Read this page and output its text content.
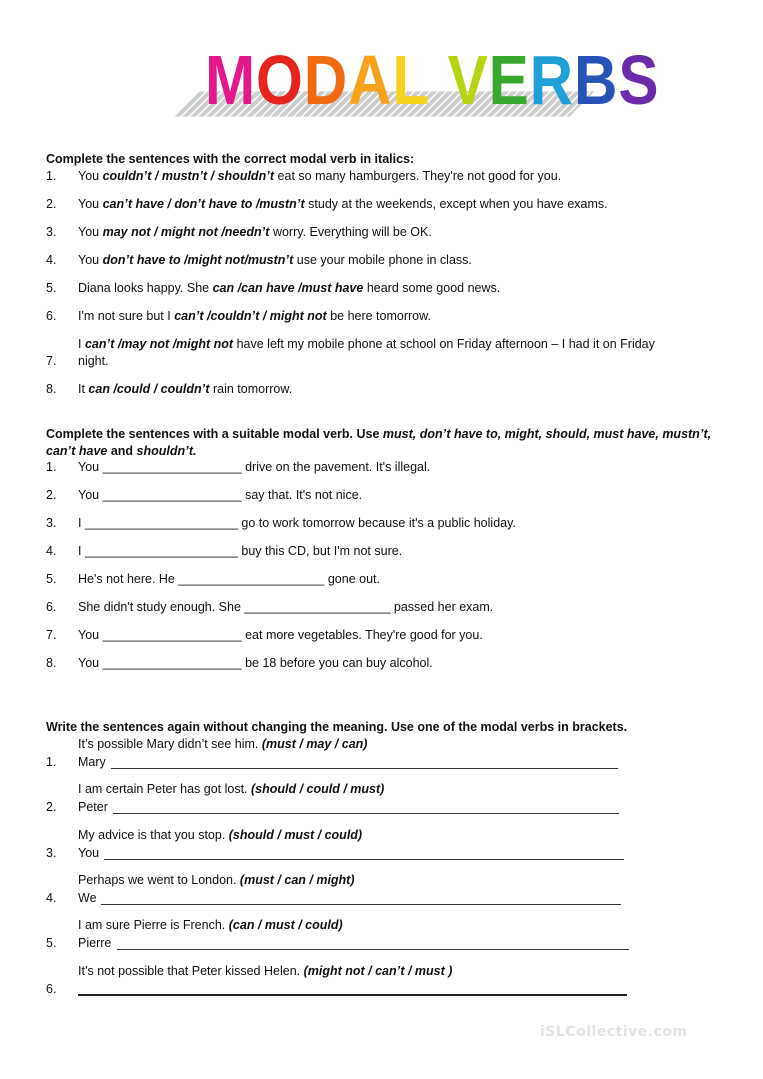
MODAL VERBS
Complete the sentences with the correct modal verb in italics:
1. You couldn’t / mustn’t / shouldn’t eat so many hamburgers. They're not good for you.
2. You can’t have / don’t have to /mustn’t study at the weekends, except when you have exams.
3. You may not / might not /needn’t worry. Everything will be OK.
4. You don’t have to /might not/mustn’t use your mobile phone in class.
5. Diana looks happy. She can /can have /must have heard some good news.
6. I'm not sure but I can’t /couldn’t / might not be here tomorrow.
I can’t /may not /might not have left my mobile phone at school on Friday afternoon – I had it on Friday
7. night.
8. It can /could / couldn’t rain tomorrow.
Complete the sentences with a suitable modal verb. Use must, don’t have to, might, should, must have, mustn’t,
can’t have and shouldn’t.
1. You ____________________ drive on the pavement. It's illegal.
2. You ____________________ say that. It's not nice.
3. I ______________________ go to work tomorrow because it's a public holiday.
4. I ______________________ buy this CD, but I'm not sure.
5. He's not here. He _____________________ gone out.
6. She didn't study enough. She _____________________ passed her exam.
7. You ____________________ eat more vegetables. They're good for you.
8. You ____________________ be 18 before you can buy alcohol.
Write the sentences again without changing the meaning. Use one of the modal verbs in brackets.
It’s possible Mary didn’t see him. (must / may / can)
1. Mary
I am certain Peter has got lost. (should / could / must)
2. Peter
My advice is that you stop. (should / must / could)
3. You
Perhaps we went to London. (must / can / might)
4. We
I am sure Pierre is French. (can / must / could)
5. Pierre
It’s not possible that Peter kissed Helen. (might not / can’t / must )
6.
iSLCollective.com
